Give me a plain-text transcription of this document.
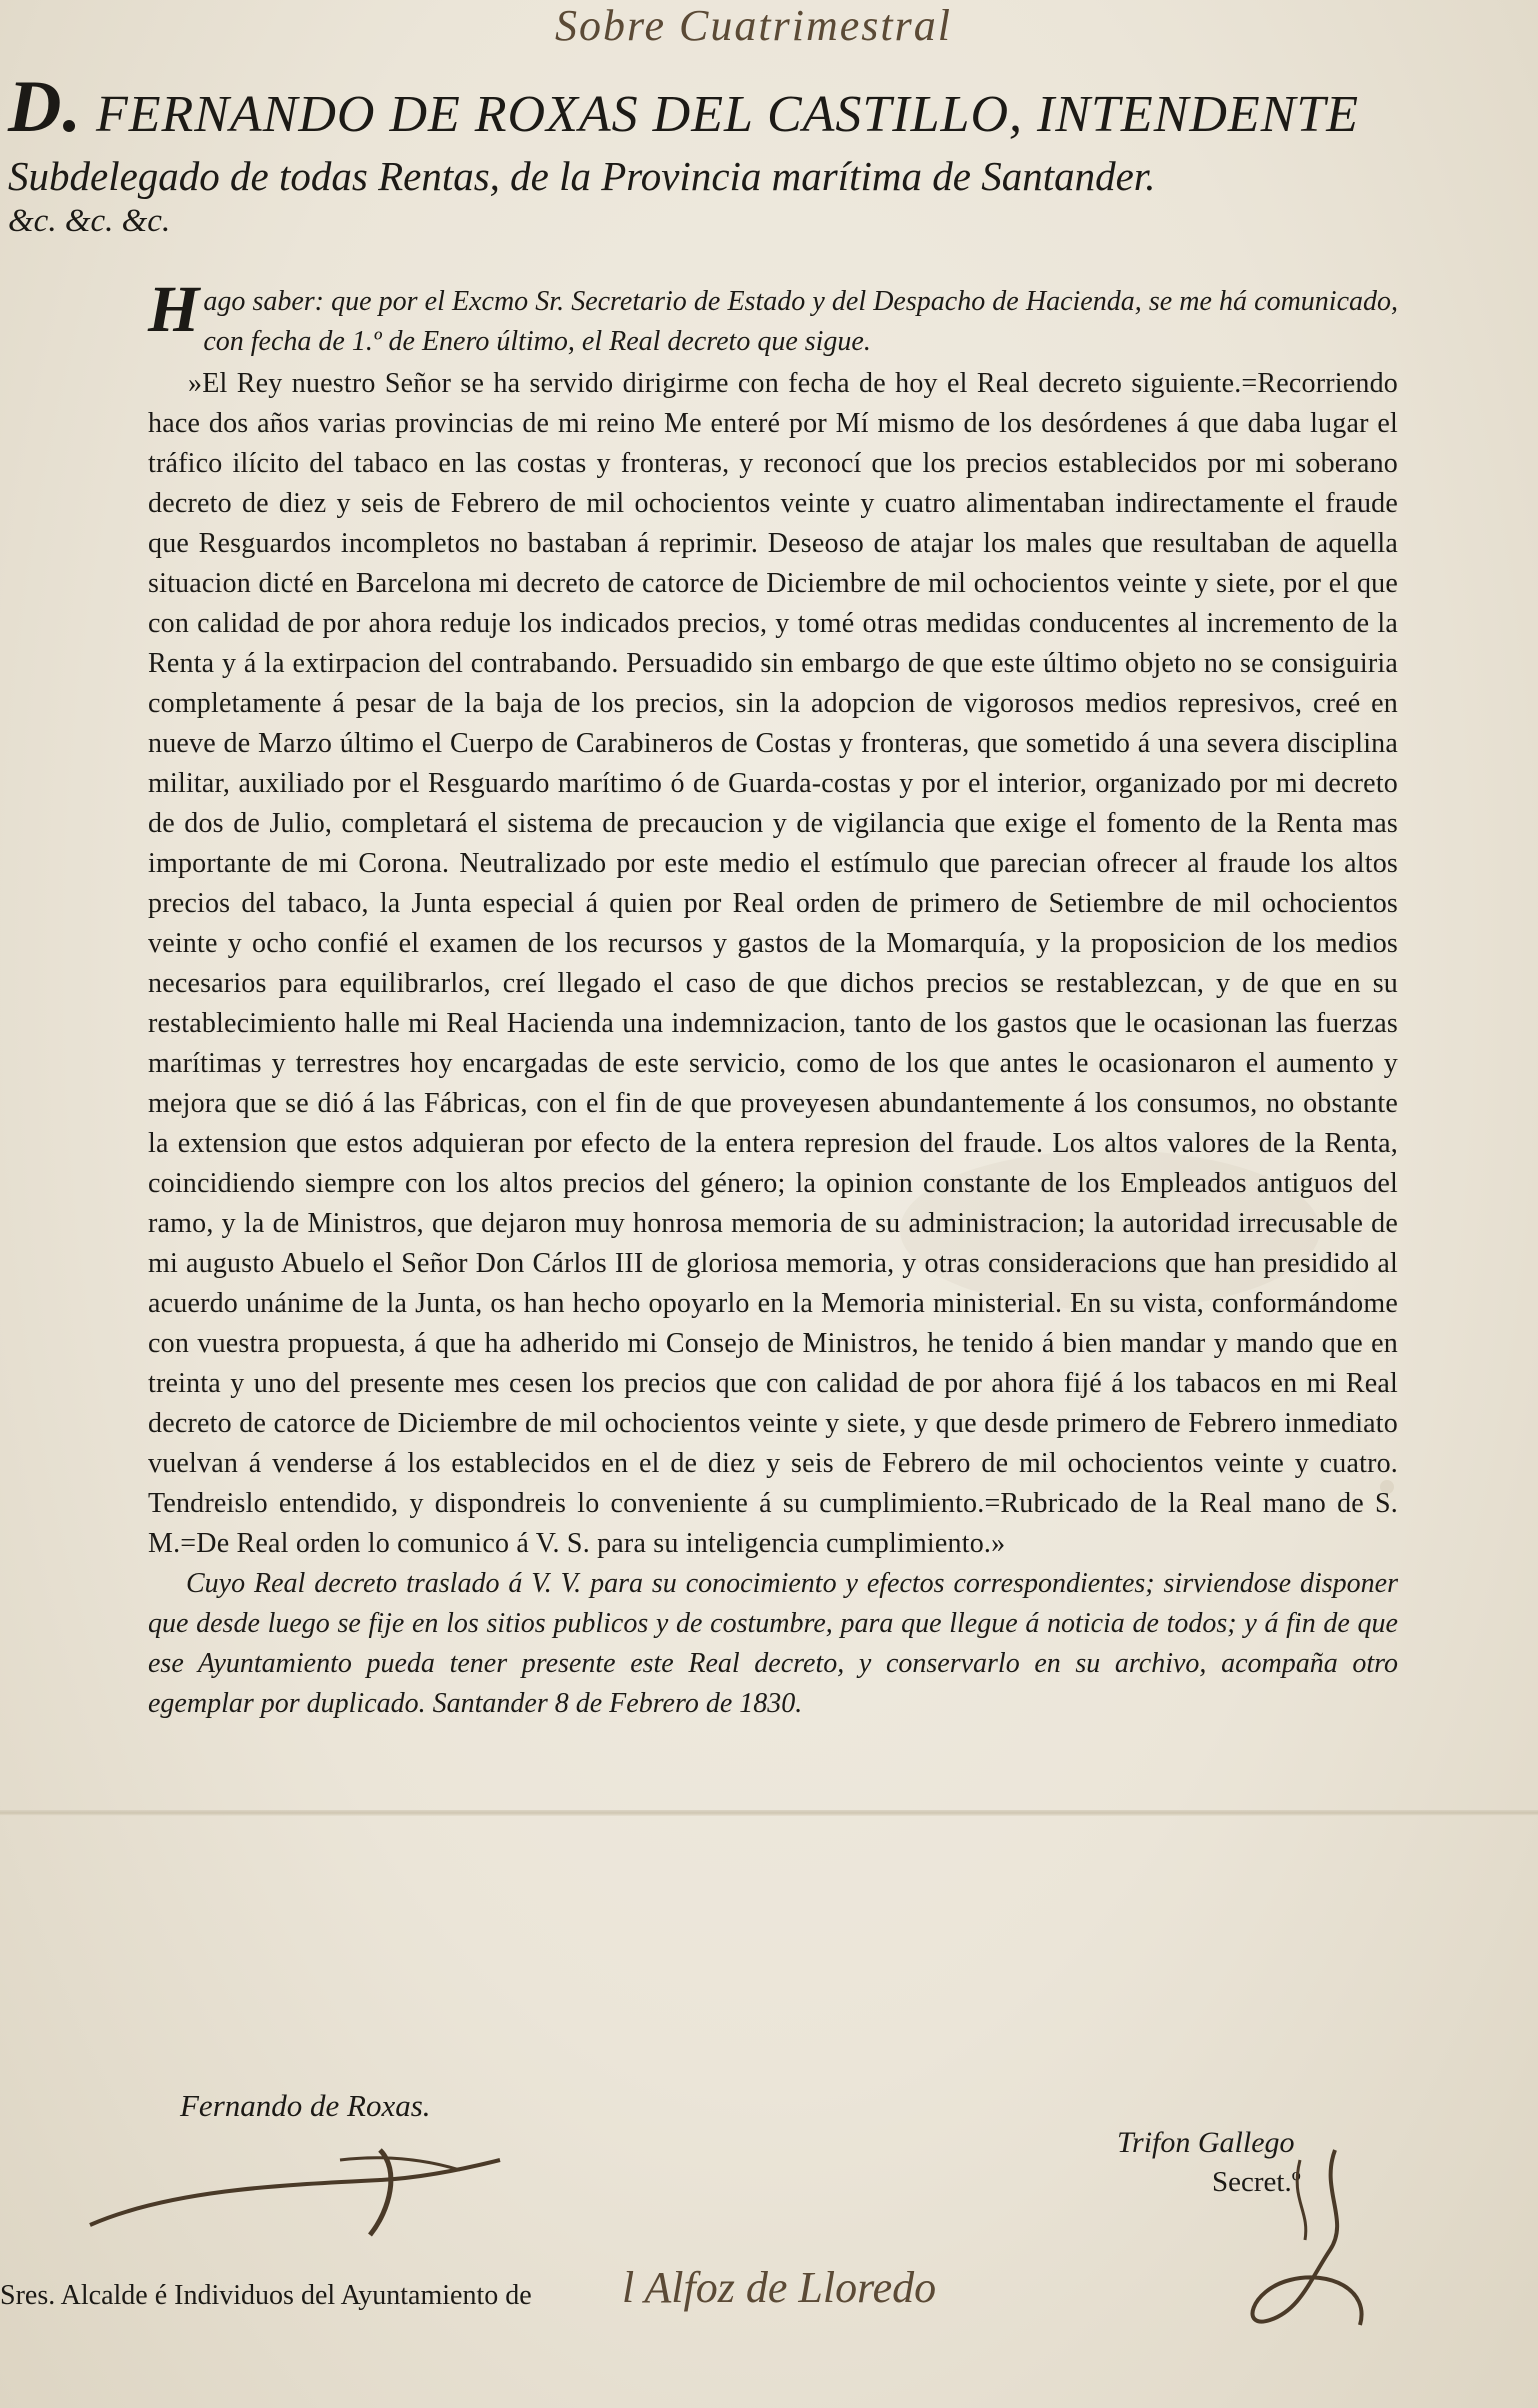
Sobre Cuatrimestral
D. FERNANDO DE ROXAS DEL CASTILLO, INTENDENTE
Subdelegado de todas Rentas, de la Provincia marítima de Santander.
&c. &c. &c.

Hago saber: que por el Excmo Sr. Secretario de Estado y del Despacho de Hacienda, se me há comunicado, con fecha de 1.º de Enero último, el Real decreto que sigue.

»El Rey nuestro Señor se ha servido dirigirme con fecha de hoy el Real decreto siguiente.=Recorriendo hace dos años varias provincias de mi reino Me enteré por Mí mismo de los desórdenes á que daba lugar el tráfico ilícito del tabaco en las costas y fronteras, y reconocí que los precios establecidos por mi soberano decreto de diez y seis de Febrero de mil ochocientos veinte y cuatro alimentaban indirectamente el fraude que Resguardos incompletos no bastaban á reprimir. Deseoso de atajar los males que resultaban de aquella situacion dicté en Barcelona mi decreto de catorce de Diciembre de mil ochocientos veinte y siete, por el que con calidad de por ahora reduje los indicados precios, y tomé otras medidas conducentes al incremento de la Renta y á la extirpacion del contrabando. Persuadido sin embargo de que este último objeto no se consiguiria completamente á pesar de la baja de los precios, sin la adopcion de vigorosos medios represivos, creé en nueve de Marzo último el Cuerpo de Carabineros de Costas y fronteras, que sometido á una severa disciplina militar, auxiliado por el Resguardo marítimo ó de Guarda-costas y por el interior, organizado por mi decreto de dos de Julio, completará el sistema de precaucion y de vigilancia que exige el fomento de la Renta mas importante de mi Corona. Neutralizado por este medio el estímulo que parecian ofrecer al fraude los altos precios del tabaco, la Junta especial á quien por Real orden de primero de Setiembre de mil ochocientos veinte y ocho confié el examen de los recursos y gastos de la Momarquía, y la proposicion de los medios necesarios para equilibrarlos, creí llegado el caso de que dichos precios se restablezcan, y de que en su restablecimiento halle mi Real Hacienda una indemnizacion, tanto de los gastos que le ocasionan las fuerzas marítimas y terrestres hoy encargadas de este servicio, como de los que antes le ocasionaron el aumento y mejora que se dió á las Fábricas, con el fin de que proveyesen abundantemente á los consumos, no obstante la extension que estos adquieran por efecto de la entera represion del fraude. Los altos valores de la Renta, coincidiendo siempre con los altos precios del género; la opinion constante de los Empleados antiguos del ramo, y la de Ministros, que dejaron muy honrosa memoria de su administracion; la autoridad irrecusable de mi augusto Abuelo el Señor Don Cárlos III de gloriosa memoria, y otras consideracions que han presidido al acuerdo unánime de la Junta, os han hecho opoyarlo en la Memoria ministerial. En su vista, conformándome con vuestra propuesta, á que ha adherido mi Consejo de Ministros, he tenido á bien mandar y mando que en treinta y uno del presente mes cesen los precios que con calidad de por ahora fijé á los tabacos en mi Real decreto de catorce de Diciembre de mil ochocientos veinte y siete, y que desde primero de Febrero inmediato vuelvan á venderse á los establecidos en el de diez y seis de Febrero de mil ochocientos veinte y cuatro. Tendreislo entendido, y dispondreis lo conveniente á su cumplimiento.=Rubricado de la Real mano de S. M.=De Real orden lo comunico á V. S. para su inteligencia cumplimiento.»

Cuyo Real decreto traslado á V. V. para su conocimiento y efectos correspondientes; sirviendose disponer que desde luego se fije en los sitios publicos y de costumbre, para que llegue á noticia de todos; y á fin de que ese Ayuntamiento pueda tener presente este Real decreto, y conservarlo en su archivo, acompaña otro egemplar por duplicado. Santander 8 de Febrero de 1830.

Fernando de Roxas.
Trifon Gallego
Secret.º
Sres. Alcalde é Individuos del Ayuntamiento de l Alfoz de Lloredo
